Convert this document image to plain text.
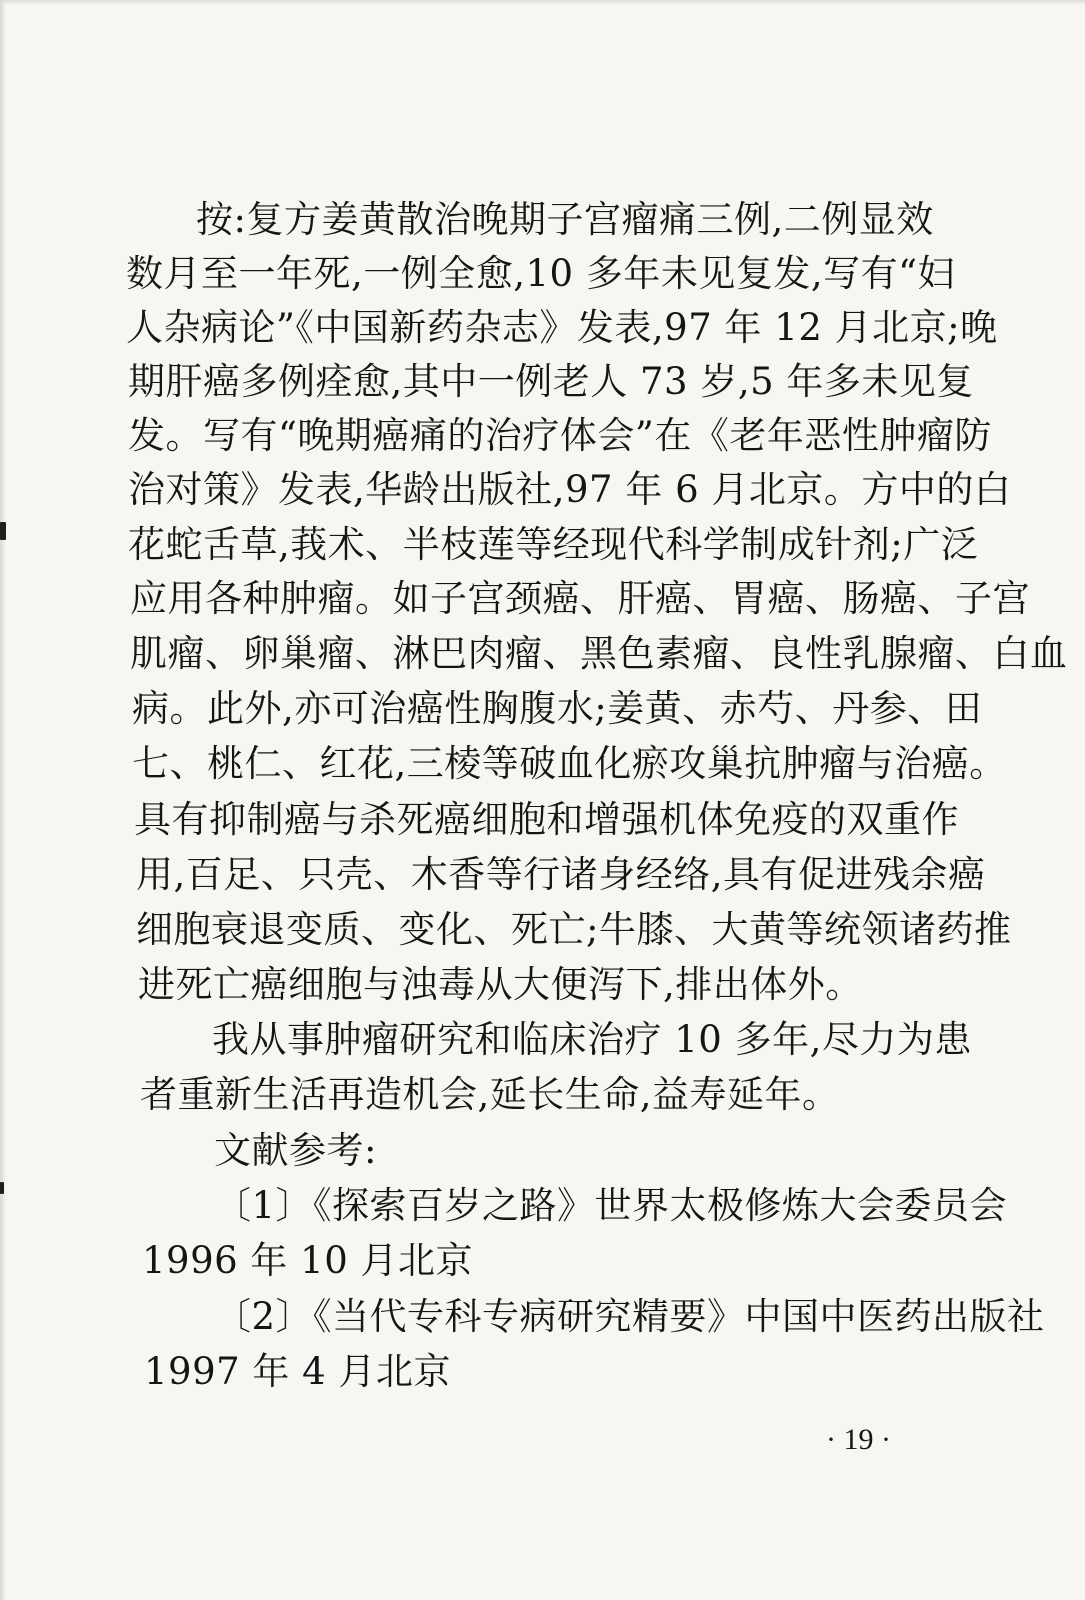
按:复方姜黄散治晚期子宫瘤痛三例,二例显效

数月至一年死,一例全愈,10 多年未见复发,写有“妇

人杂病论”《中国新药杂志》发表,97 年 12 月北京;晚

期肝癌多例痊愈,其中一例老人 73 岁,5 年多未见复

发。写有“晚期癌痛的治疗体会”在《老年恶性肿瘤防

治对策》发表,华龄出版社,97 年 6 月北京。方中的白

花蛇舌草,莪术、半枝莲等经现代科学制成针剂;广泛

应用各种肿瘤。如子宫颈癌、肝癌、胃癌、肠癌、子宫

肌瘤、卵巢瘤、淋巴肉瘤、黑色素瘤、良性乳腺瘤、白血

病。此外,亦可治癌性胸腹水;姜黄、赤芍、丹参、田

七、桃仁、红花,三棱等破血化瘀攻巢抗肿瘤与治癌。

具有抑制癌与杀死癌细胞和增强机体免疫的双重作

用,百足、只壳、木香等行诸身经络,具有促进残余癌

细胞衰退变质、变化、死亡;牛膝、大黄等统领诸药推

进死亡癌细胞与浊毒从大便泻下,排出体外。

我从事肿瘤研究和临床治疗 10 多年,尽力为患

者重新生活再造机会,延长生命,益寿延年。

文献参考:

〔1〕《探索百岁之路》世界太极修炼大会委员会

1996 年 10 月北京

〔2〕《当代专科专病研究精要》中国中医药出版社

1997 年 4 月北京

· 19 ·
